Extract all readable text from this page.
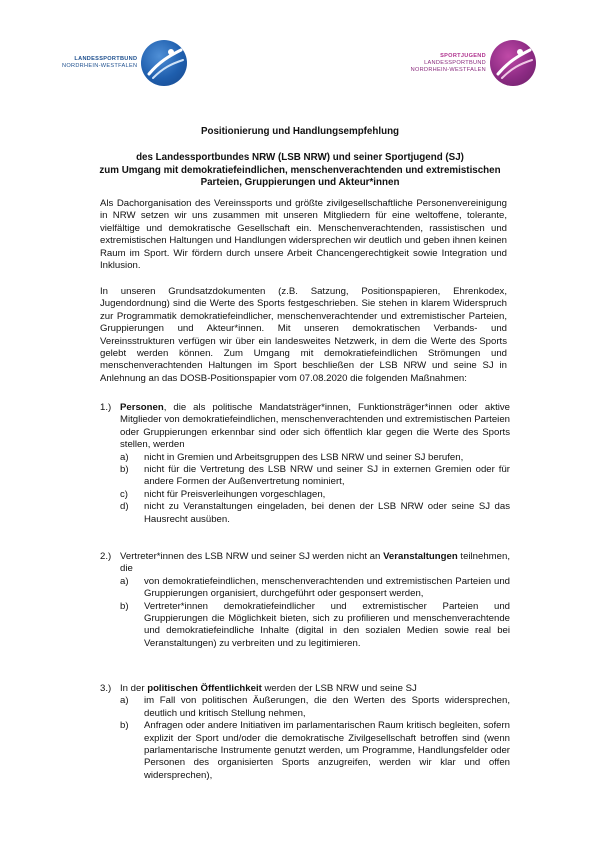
LANDESSPORTBUND
NORDRHEIN-WESTFALEN
SPORTJUGEND
LANDESSPORTBUND
NORDRHEIN-WESTFALEN
Positionierung und Handlungsempfehlung
des Landessportbundes NRW (LSB NRW) und seiner Sportjugend (SJ)
zum Umgang mit demokratiefeindlichen, menschenverachtenden und extremistischen
Parteien, Gruppierungen und Akteur*innen
Als Dachorganisation des Vereinssports und größte zivilgesellschaftliche Personenvereinigung in NRW setzen wir uns zusammen mit unseren Mitgliedern für eine weltoffene, tolerante, vielfältige und demokratische Gesellschaft ein. Menschenverachtenden, rassistischen und extremistischen Haltungen und Handlungen widersprechen wir deutlich und geben ihnen keinen Raum im Sport. Wir fördern durch unsere Arbeit Chancengerechtigkeit sowie Integration und Inklusion.
In unseren Grundsatzdokumenten (z.B. Satzung, Positionspapieren, Ehrenkodex, Jugendordnung) sind die Werte des Sports festgeschrieben. Sie stehen in klarem Widerspruch zur Programmatik demokratiefeindlicher, menschenverachtender und extremistischer Parteien, Gruppierungen und Akteur*innen. Mit unseren demokratischen Verbands- und Vereinsstrukturen verfügen wir über ein landesweites Netzwerk, in dem die Werte des Sports gelebt werden können. Zum Umgang mit demokratiefeindlichen Strömungen und menschenverachtenden Haltungen im Sport beschließen der LSB NRW und seine SJ in Anlehnung an das DOSB-Positionspapier vom 07.08.2020 die folgenden Maßnahmen:
1.) Personen, die als politische Mandatsträger*innen, Funktionsträger*innen oder aktive Mitglieder von demokratiefeindlichen, menschenverachtenden und extremistischen Parteien oder Gruppierungen erkennbar sind oder sich öffentlich klar gegen die Werte des Sports stellen, werden
a) nicht in Gremien und Arbeitsgruppen des LSB NRW und seiner SJ berufen,
b) nicht für die Vertretung des LSB NRW und seiner SJ in externen Gremien oder für andere Formen der Außenvertretung nominiert,
c) nicht für Preisverleihungen vorgeschlagen,
d) nicht zu Veranstaltungen eingeladen, bei denen der LSB NRW oder seine SJ das Hausrecht ausüben.
2.) Vertreter*innen des LSB NRW und seiner SJ werden nicht an Veranstaltungen teilnehmen, die
a) von demokratiefeindlichen, menschenverachtenden und extremistischen Parteien und Gruppierungen organisiert, durchgeführt oder gesponsert werden,
b) Vertreter*innen demokratiefeindlicher und extremistischer Parteien und Gruppierungen die Möglichkeit bieten, sich zu profilieren und menschenverachtende und demokratiefeindliche Inhalte (digital in den sozialen Medien sowie real bei Veranstaltungen) zu verbreiten und zu legitimieren.
3.) In der politischen Öffentlichkeit werden der LSB NRW und seine SJ
a) im Fall von politischen Äußerungen, die den Werten des Sports widersprechen, deutlich und kritisch Stellung nehmen,
b) Anfragen oder andere Initiativen im parlamentarischen Raum kritisch begleiten, sofern explizit der Sport und/oder die demokratische Zivilgesellschaft betroffen sind (wenn parlamentarische Instrumente genutzt werden, um Programme, Handlungsfelder oder Personen des organisierten Sports anzugreifen, werden wir klar und offen widersprechen),
